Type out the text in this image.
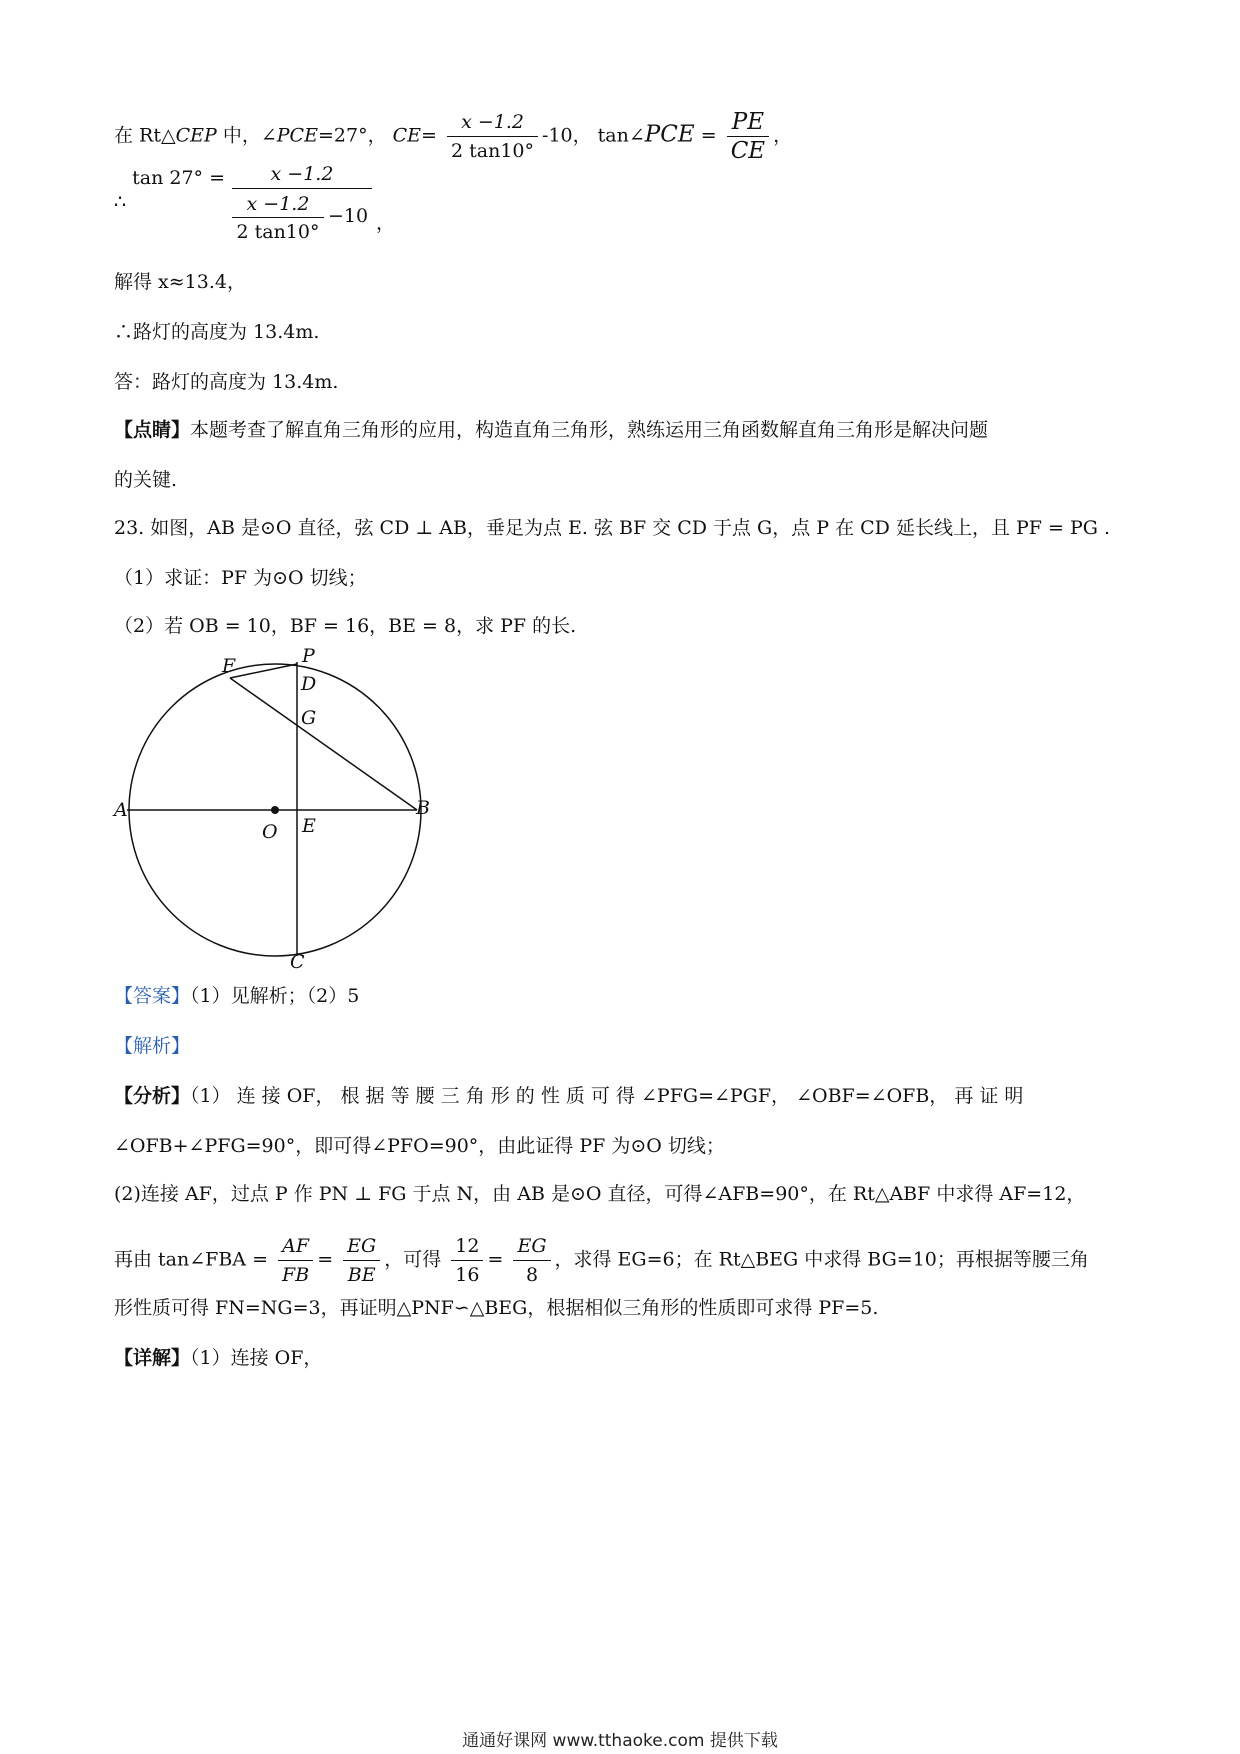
在 Rt△CEP 中，∠PCE=27°， $CE= \frac{x -1.2}{2 \tan 10^\circ} -10$， tan∠PCE = $\frac{PE}{CE}$ ，
∴ tan 27° =	x −1.2
x −1.2
2 tan10°
−10 ，
解得 x≈13.4，
∴路灯的高度为 13.4m.
答：路灯的高度为 13.4m.
【点睛】本题考查了解直角三角形的应用，构造直角三角形，熟练运用三角函数解直角三角形是解决问题
的关键.
23. 如图，AB 是⊙O 直径，弦 CD ⊥ AB，垂足为点 E. 弦 BF 交 CD 于点 G，点 P 在 CD 延长线上，且 PF = PG .
（1）求证：PF 为⊙O 切线；
（2）若 OB = 10，BF = 16，BE = 8，求 PF 的长.
F	P
D
G
A
O E
B
C
【答案】（1）见解析；（2）5
【解析】
【分析】（1） 连 接 OF， 根 据 等 腰 三 角 形 的 性 质 可 得 ∠PFG=∠PGF， ∠OBF=∠OFB， 再 证 明
∠OFB+∠PFG=90°，即可得∠PFO=90°，由此证得 PF 为⊙O 切线；
(2)连接 AF，过点 P 作 PN ⊥ FG 于点 N，由 AB 是⊙O 直径，可得∠AFB=90°，在 Rt△ABF 中求得 AF=12，
再由 tan∠FBA = $\frac{AF}{FB} = \frac{EG}{BE}$ ，可得 $\frac{12}{16} = \frac{EG}{8}$ ，求得 EG=6；在 Rt△BEG 中求得 BG=10；再根据等腰三角
形性质可得 FN=NG=3，再证明△PNF∽△BEG，根据相似三角形的性质即可求得 PF=5.
【详解】（1）连接 OF，
通通好课网 www.tthaoke.com 提供下载
